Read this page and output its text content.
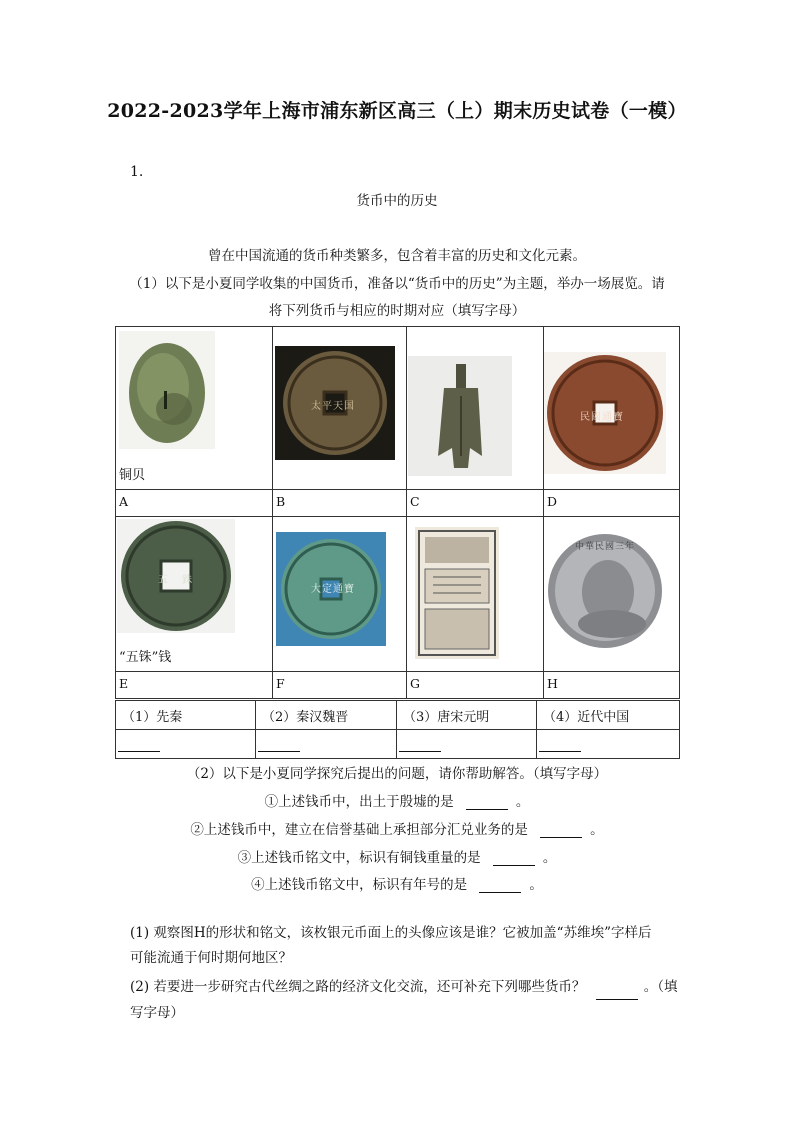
2022-2023学年上海市浦东新区高三（上）期末历史试卷（一模）
1.
货币中的历史
曾在中国流通的货币种类繁多，包含着丰富的历史和文化元素。
（1）以下是小夏同学收集的中国货币，准备以“货币中的历史”为主题，举办一场展览。请
将下列货币与相应的时期对应（填写字母）
铜贝

A	B	C	D

“五铢”钱

E	F	G	H
太平天国
民國通寶
五銖
大定通寶
中華民國三年
（1）先秦	（2）秦汉魏晋	（3）唐宋元明	（4）近代中国

（2）以下是小夏同学探究后提出的问题，请你帮助解答。（填写字母）
①上述钱币中，出土于殷墟的是	。
②上述钱币中，建立在信誉基础上承担部分汇兑业务的是	。
③上述钱币铭文中，标识有铜钱重量的是	。
④上述钱币铭文中，标识有年号的是	。
(1) 观察图H的形状和铭文，该枚银元币面上的头像应该是谁？它被加盖“苏维埃”字样后
可能流通于何时期何地区？
(2) 若要进一步研究古代丝绸之路的经济文化交流，还可补充下列哪些货币？	。（填
写字母）
